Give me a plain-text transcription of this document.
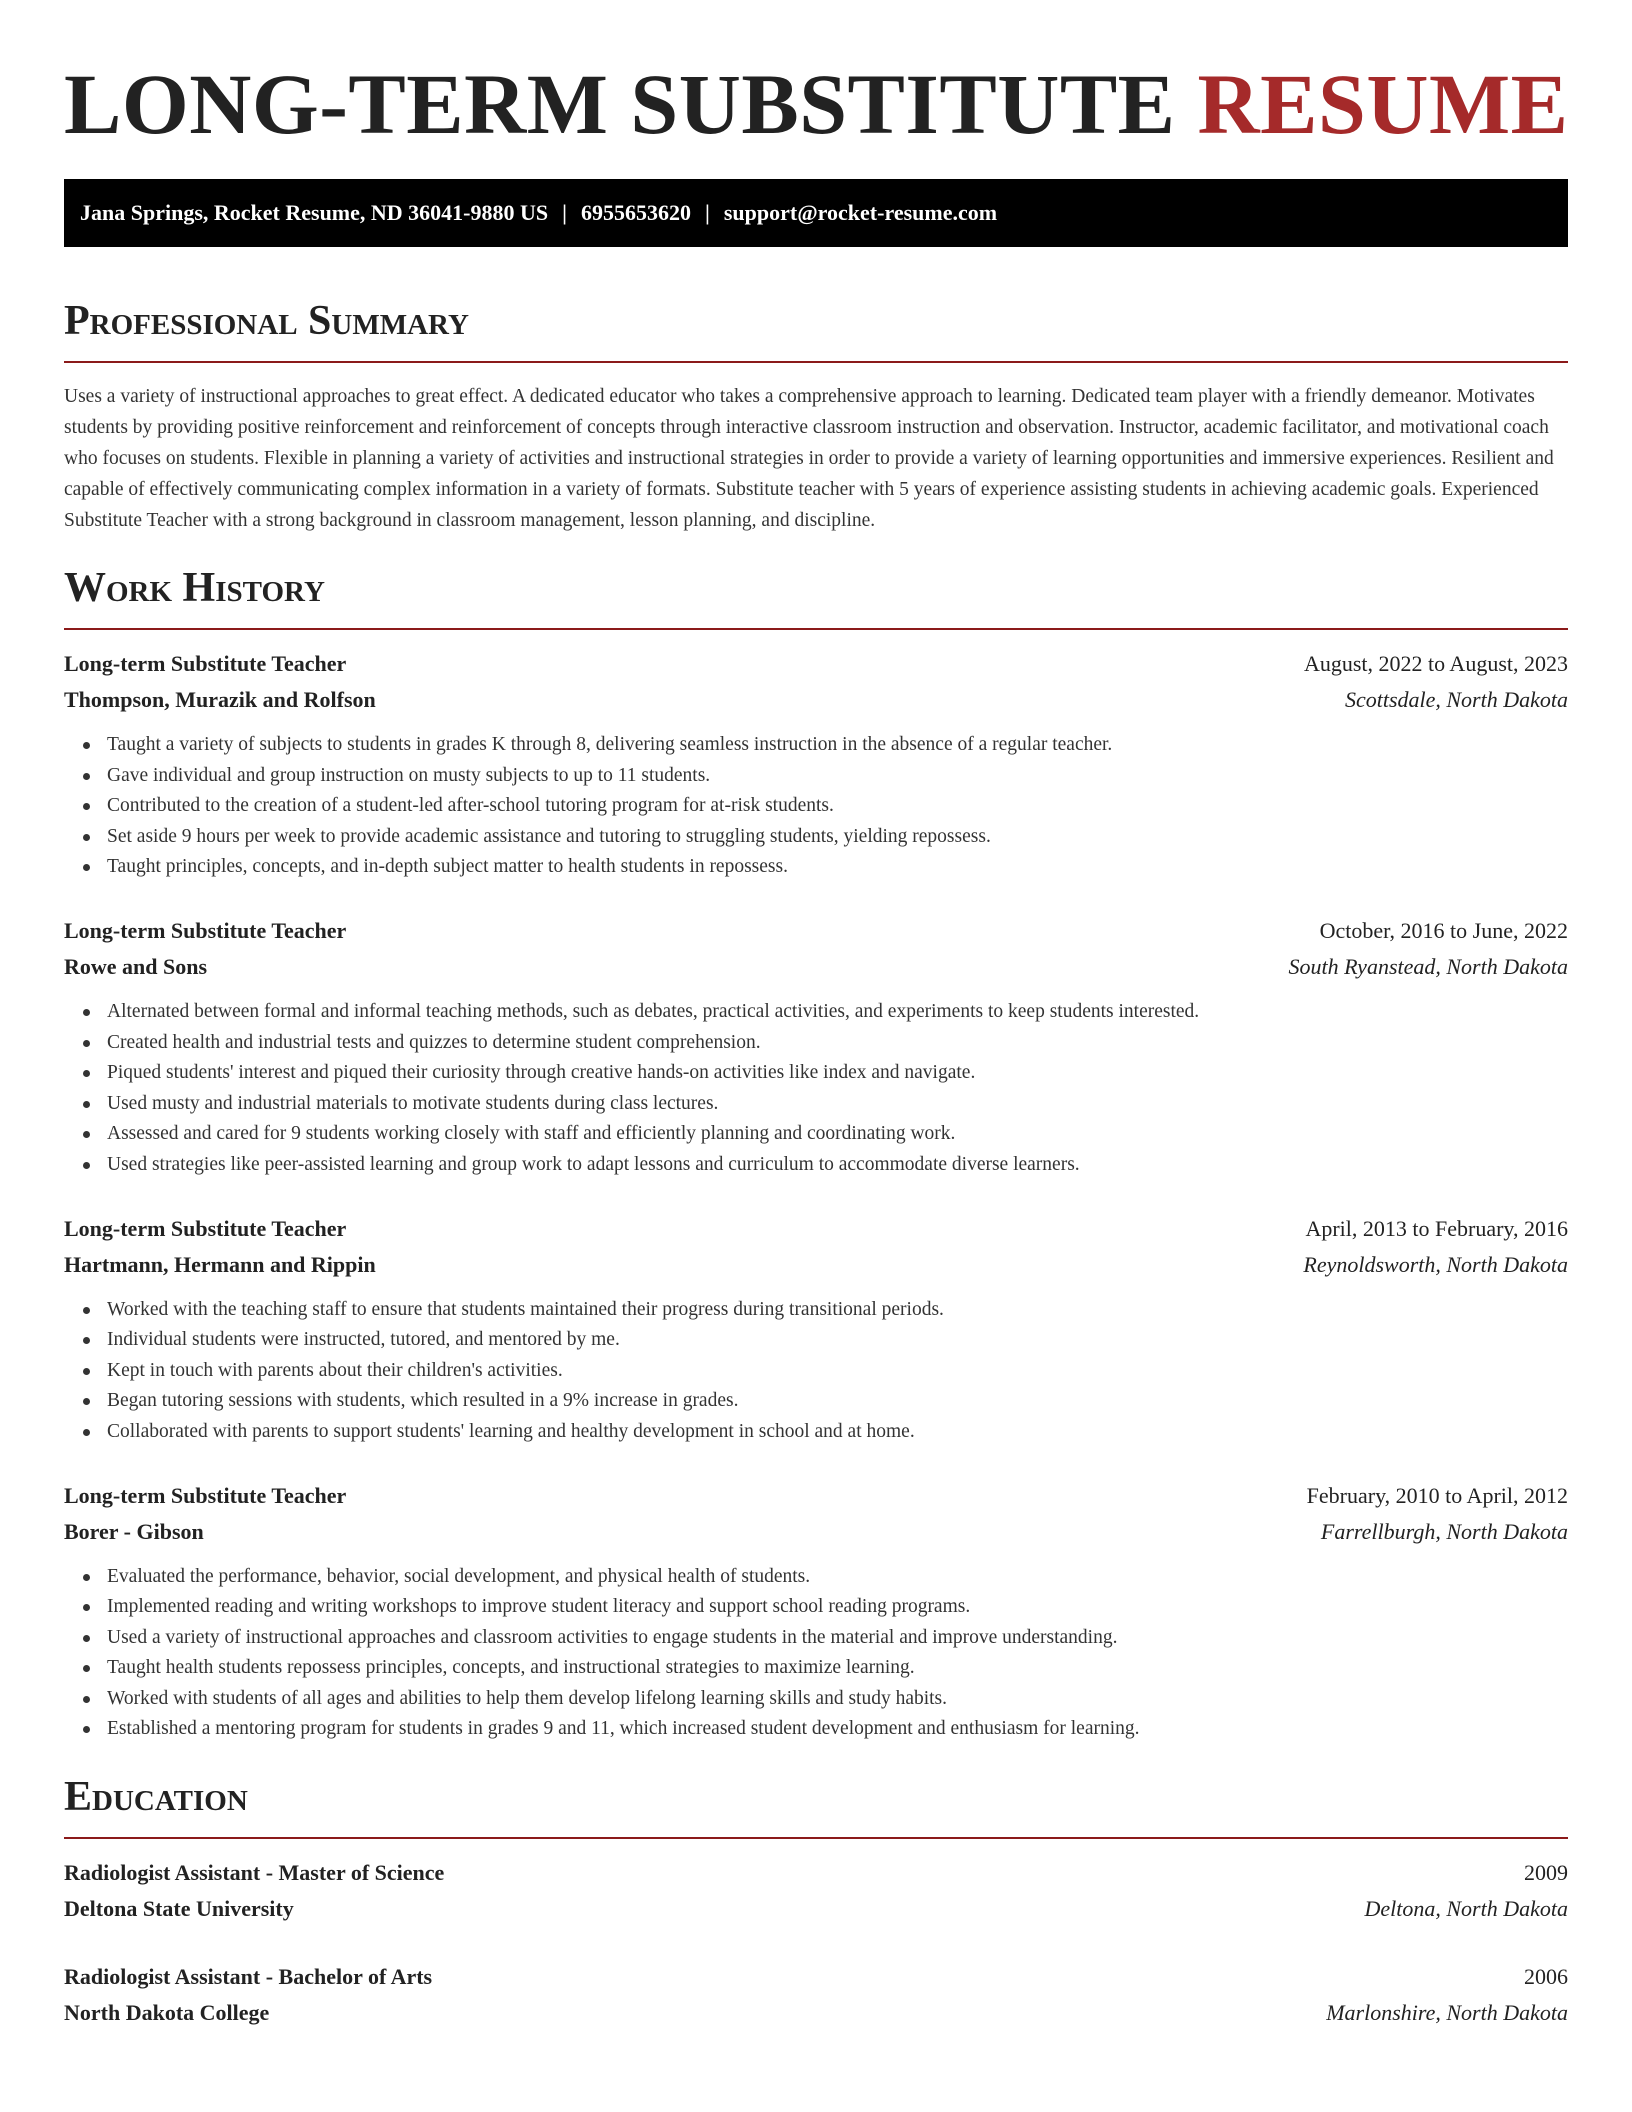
LONG-TERM SUBSTITUTE RESUME
Jana Springs, Rocket Resume, ND 36041-9880 US | 6955653620 | support@rocket-resume.com
Professional Summary

Uses a variety of instructional approaches to great effect. A dedicated educator who takes a comprehensive approach to learning. Dedicated team player with a friendly demeanor. Motivates students by providing positive reinforcement and reinforcement of concepts through interactive classroom instruction and observation. Instructor, academic facilitator, and motivational coach who focuses on students. Flexible in planning a variety of activities and instructional strategies in order to provide a variety of learning opportunities and immersive experiences. Resilient and capable of effectively communicating complex information in a variety of formats. Substitute teacher with 5 years of experience assisting students in achieving academic goals. Experienced Substitute Teacher with a strong background in classroom management, lesson planning, and discipline.

Work History
Long-term Substitute Teacher	August, 2022 to August, 2023
Thompson, Murazik and Rolfson	Scottsdale, North Dakota
Taught a variety of subjects to students in grades K through 8, delivering seamless instruction in the absence of a regular teacher.
Gave individual and group instruction on musty subjects to up to 11 students.
Contributed to the creation of a student-led after-school tutoring program for at-risk students.
Set aside 9 hours per week to provide academic assistance and tutoring to struggling students, yielding repossess.
Taught principles, concepts, and in-depth subject matter to health students in repossess.
Long-term Substitute Teacher	October, 2016 to June, 2022
Rowe and Sons	South Ryanstead, North Dakota
Alternated between formal and informal teaching methods, such as debates, practical activities, and experiments to keep students interested.
Created health and industrial tests and quizzes to determine student comprehension.
Piqued students' interest and piqued their curiosity through creative hands-on activities like index and navigate.
Used musty and industrial materials to motivate students during class lectures.
Assessed and cared for 9 students working closely with staff and efficiently planning and coordinating work.
Used strategies like peer-assisted learning and group work to adapt lessons and curriculum to accommodate diverse learners.
Long-term Substitute Teacher	April, 2013 to February, 2016
Hartmann, Hermann and Rippin	Reynoldsworth, North Dakota
Worked with the teaching staff to ensure that students maintained their progress during transitional periods.
Individual students were instructed, tutored, and mentored by me.
Kept in touch with parents about their children's activities.
Began tutoring sessions with students, which resulted in a 9% increase in grades.
Collaborated with parents to support students' learning and healthy development in school and at home.
Long-term Substitute Teacher	February, 2010 to April, 2012
Borer - Gibson	Farrellburgh, North Dakota
Evaluated the performance, behavior, social development, and physical health of students.
Implemented reading and writing workshops to improve student literacy and support school reading programs.
Used a variety of instructional approaches and classroom activities to engage students in the material and improve understanding.
Taught health students repossess principles, concepts, and instructional strategies to maximize learning.
Worked with students of all ages and abilities to help them develop lifelong learning skills and study habits.
Established a mentoring program for students in grades 9 and 11, which increased student development and enthusiasm for learning.
Education
Radiologist Assistant - Master of Science	2009
Deltona State University	Deltona, North Dakota
Radiologist Assistant - Bachelor of Arts	2006
North Dakota College	Marlonshire, North Dakota
